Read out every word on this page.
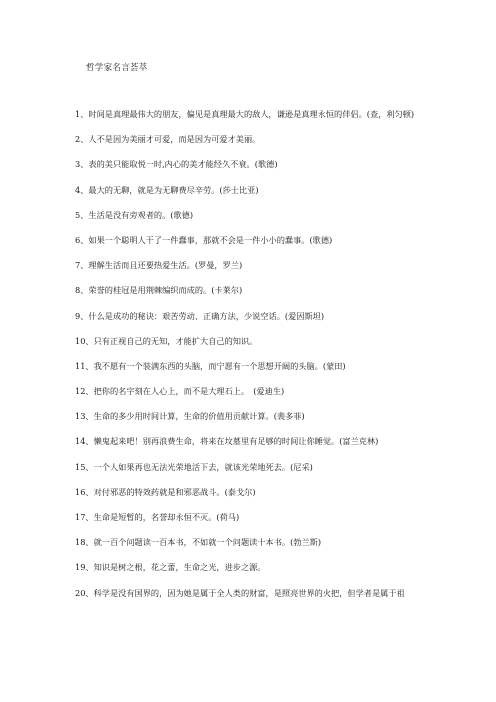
哲学家名言荟萃
1、时间是真理最伟大的朋友，偏见是真理最大的敌人，谦逊是真理永恒的伴侣。(查，利匀顿)
2、人不是因为美丽才可爱，而是因为可爱才美丽。
3、表的美只能取悦一时,内心的美才能经久不衰。(歌德)
4、最大的无聊，就是为无聊费尽辛劳。(莎士比亚)
5、生活是没有旁观者的。(歌德)
6、如果一个聪明人干了一件蠢事，那就不会是一件小小的蠢事。(歌德)
7、理解生活而且还要热爱生活。(罗曼，罗兰)
8、荣誉的桂冠是用荆棘编织而成的。(卡莱尔)
9、什么是成功的秘诀：艰苦劳动、正确方法，少说空话。(爱因斯坦)
10、只有正视自己的无知，才能扩大自己的知识。
11、我不愿有一个装满东西的头脑，而宁愿有一个思想开阔的头脑。(蒙田)
12、把你的名字刻在人心上，而不是大理石上。　(爱迪生)
13、生命的多少用时间计算，生命的价值用贡献计算。(裴多菲)
14、懒鬼起来吧！别再浪费生命，将来在坟墓里有足够的时间让你睡觉。(富兰克林)
15、一个人如果再也无法光荣地活下去，就该光荣地死去。(尼采)
16、对付邪恶的特效药就是和邪恶战斗。(泰戈尔)
17、生命是短暂的，名誉却永恒不灭。(荷马)
18、就一百个问题读一百本书，不如就一个问题读十本书。(勃兰斯)
19、知识是树之根，花之蕾，生命之光，进步之源。
20、科学是没有国界的，因为她是属于全人类的财富，是照亮世界的火把，但学者是属于祖
